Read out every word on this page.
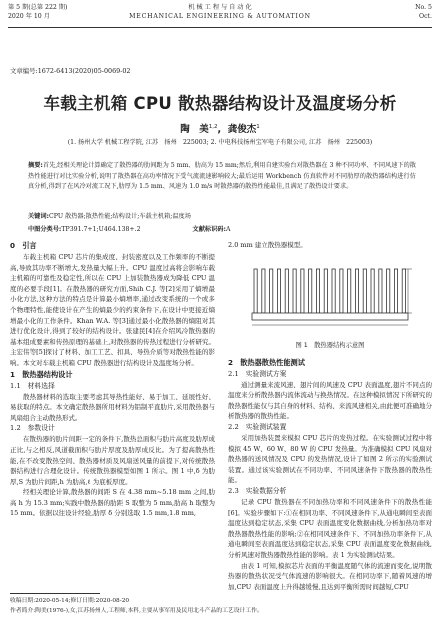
第 5 期(总第 222 期)
2020 年 10 月
机 械 工 程 与 自 动 化
MECHANICAL ENGINEERING & AUTOMATION
No. 5
Oct.
文章编号:1672-6413(2020)05-0069-02
车载主机箱 CPU 散热器结构设计及温度场分析
陶　美$^{1,2}$,  龚俊杰$^1$
(1. 扬州大学 机械工程学院, 江苏　扬州　225003; 2. 中电科技扬州宝军电子有限公司, 江苏　扬州　225003)
摘要:首先,经相关理论计算确定了散热器的肋间距为 5 mm、肋高为 15 mm;然后,利用自建实验台对散热器在 3 种不同功率、不同风速下的散热性能进行对比实验分析,说明了散热器在高功率情况下受气流流速影响较大;最后运用 Workbench 仿真软件对不同肋厚的散热器结构进行仿真分析,得到了在风冷对流工况下,肋厚为 1.5 mm、风速为 1.0 m/s 时散热器的散热性能最佳,且满足了散热设计要求。
关键词:CPU 散热器;散热性能;结构设计;车载主机箱;温度场
中图分类号:TP391.7+1;U464.138+.2	文献标识码:A
0　引言

车载主机箱 CPU 芯片的集成度、封装密度以及工作频率的不断提高,导致其功率不断增大,发热量大幅上升。CPU 温度过高将会影响车载主机箱的可靠性及稳定性,所以在 CPU 上加装散热器成为降低 CPU 温度的必要手段[1]。在散热器的研究方面,Shih C.J. 等[2]采用了熵增最小化方法,这种方法的特点是计算最小熵增率,通过改变系统的一个或多个物理特性,能使设计在产生的熵最少的约束条件下,在设计中更接近熵增最小化的工作条件。Khan W.A. 等[3]通过最小化散热器的熵阻对其进行优化设计,得到了较好的结构设计。张建民[4]在介绍风冷散热器的基本组成要素和传热原理的基础上,对散热器的传热过程进行分析研究。主宏伟等[5]探讨了材料、加工工艺、扣具、导热介质等对散热性能的影响。本文对车载主机箱 CPU 散热器进行结构设计及温度场分析。

1　散热器结构设计
1.1　材料选择

散热器材料的选取主要考虑其导热性能好、易于加工、延展性好、易获取的特点。本文确定散热器所用材料为铝制平直肋片,采用散热器与风扇组合主动散热形式。

1.2　参数设计

在散热器的肋片间距一定的条件下,散热总面积与肋片高度及肋厚成正比,与之相反,风道截面积与肋片厚度及肋厚成反比。为了提高散热性能,在不改变散热空间、散热器材质及风扇送风量的前提下,对传统散热器结构进行合理化设计。传统散热器模型如图 1 所示。图 1 中,δ 为肋厚,S 为肋片间距,h 为肋高,ℓ 为底板厚度。

经相关理论计算,散热器的间距 S 在 4.38 mm~5.18 mm 之间,肋高 h 为 15.3 mm;实践中散热器的肋距 S 取整为 5 mm,肋高 h 取整为 15 mm。依据以往设计经验,肋厚 δ 分别选取 1.5 mm,1.8 mm,

2.0 mm 建立散热器模型。

图 1　散热器结构示意图
2　散热器散热性能测试
2.1　实验测试方案

通过测量来流风速、翅片间的风速及 CPU 表面温度,翅片不同点的温度来分析散热器内流体流动与换热情况。在这种模拟情况下所研究的散热器性能仅与其自身的材料、结构、来流风速相关,由此便可准确地分析散热器的散热性能。

2.2　实验测试装置

采用加热装置来模拟 CPU 芯片的发热过程。在实验测试过程中将模拟 45 W、60 W、80 W 的 CPU 发热量。为准确模拟 CPU 风扇对散热器的送风情况及 CPU 的发热情况,设计了如图 2 所示的实验测试装置。通过该实验测试在不同功率、不同风速条件下散热器的散热性能。

2.3　实验数据分析

记录 CPU 散热器在不同加热功率和不同风速条件下的散热性能[6]。实验步骤如下:①在相同功率、不同风速条件下,从通电瞬间至表面温度达到稳定状态,采集 CPU 表面温度变化数据曲线,分析加热功率对散热器散热性能的影响;②在相同风速条件下、不同加热功率条件下,从通电瞬间至表面温度达到稳定状态,采集 CPU 表面温度变化数据曲线,分析风速对散热器散热性能的影响。表 1 为实验测试结果。

由表 1 可知,模拟芯片表面的平衡温度随气体的流速而变化,说明散热器的散热状况受气体流速的影响很大。在相同功率下,随着风速的增加,CPU 表面温度上升得越缓慢,且达到平衡所需时间越短,CPU

收稿日期:2020-05-14;修订日期:2020-08-20
作者简介:陶美(1976-),女,江苏扬州人,工程师,本科,主要从事军用及民用北斗产品的工艺设计工作。
